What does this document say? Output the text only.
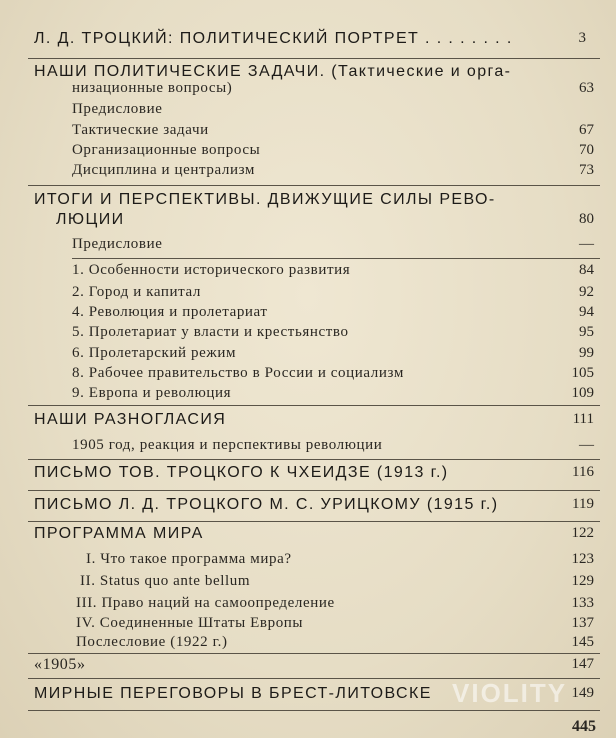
Л. Д. ТРОЦКИЙ: ПОЛИТИЧЕСКИЙ ПОРТРЕТ . . . . . . . .	3
НАШИ ПОЛИТИЧЕСКИЕ ЗАДАЧИ. (Тактические и орга-
низационные вопросы)	63
Предисловие
Тактические задачи	67
Организационные вопросы	70
Дисциплина и централизм	73
ИТОГИ И ПЕРСПЕКТИВЫ. ДВИЖУЩИЕ СИЛЫ РЕВО-
ЛЮЦИИ	80
Предисловие	—
1. Особенности исторического развития	84
2. Город и капитал	92
4. Революция и пролетариат	94
5. Пролетариат у власти и крестьянство	95
6. Пролетарский режим	99
8. Рабочее правительство в России и социализм	105
9. Европа и революция	109
НАШИ РАЗНОГЛАСИЯ	111
1905 год, реакция и перспективы революции	—
ПИСЬМО ТОВ. ТРОЦКОГО К ЧХЕИДЗЕ (1913 г.)	116
ПИСЬМО Л. Д. ТРОЦКОГО М. С. УРИЦКОМУ (1915 г.)	119
ПРОГРАММА МИРА	122
I. Что такое программа мира?	123
II. Status quo ante bellum	129
III. Право наций на самоопределение	133
IV. Соединенные Штаты Европы	137
Послесловие (1922 г.)	145
«1905»	147
МИРНЫЕ ПЕРЕГОВОРЫ В БРЕСТ-ЛИТОВСКЕ	149
VIOLITY
445
